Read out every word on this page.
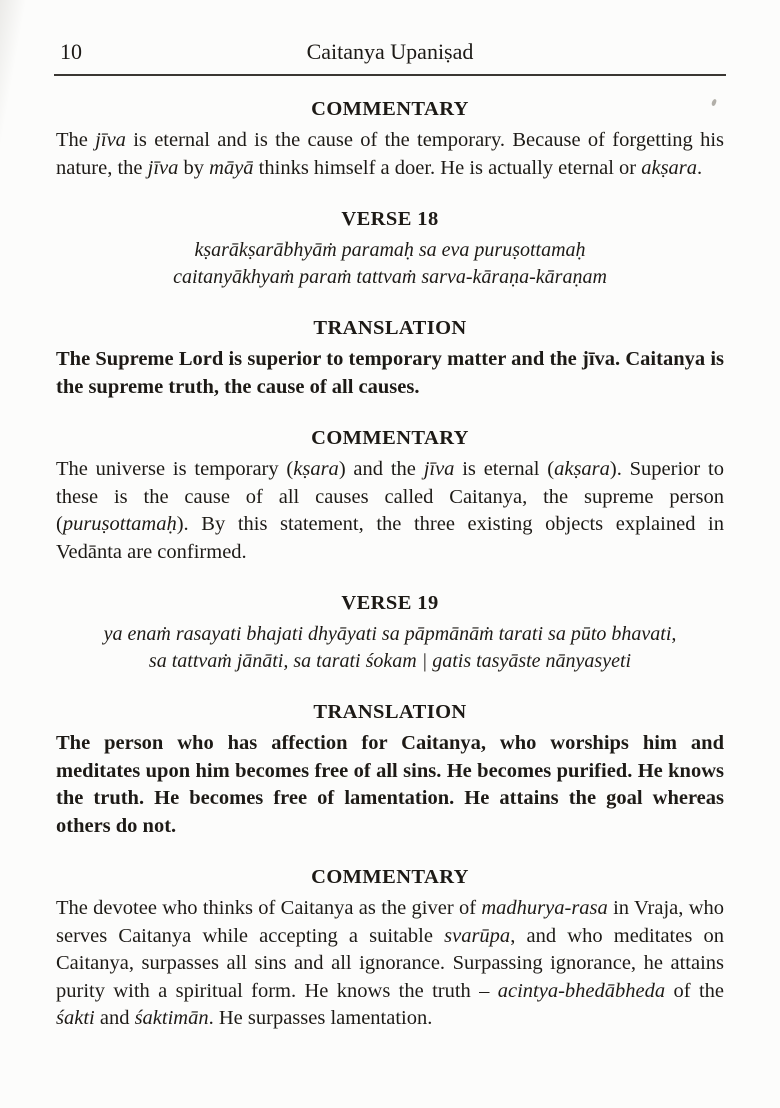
10	Caitanya Upaniṣad
COMMENTARY

The jīva is eternal and is the cause of the temporary. Because of forgetting his nature, the jīva by māyā thinks himself a doer. He is actually eternal or akṣara.

VERSE 18
kṣarākṣarābhyāṁ paramaḥ sa eva puruṣottamaḥ
caitanyākhyaṁ paraṁ tattvaṁ sarva-kāraṇa-kāraṇam
TRANSLATION

The Supreme Lord is superior to temporary matter and the jīva. Caitanya is the supreme truth, the cause of all causes.

COMMENTARY

The universe is temporary (kṣara) and the jīva is eternal (akṣara). Superior to these is the cause of all causes called Caitanya, the supreme person (puruṣottamaḥ). By this statement, the three existing objects explained in Vedānta are confirmed.

VERSE 19
ya enaṁ rasayati bhajati dhyāyati sa pāpmānāṁ tarati sa pūto bhavati,
sa tattvaṁ jānāti, sa tarati śokam | gatis tasyāste nānyasyeti
TRANSLATION

The person who has affection for Caitanya, who worships him and meditates upon him becomes free of all sins. He becomes purified. He knows the truth. He becomes free of lamentation. He attains the goal whereas others do not.

COMMENTARY

The devotee who thinks of Caitanya as the giver of madhurya-rasa in Vraja, who serves Caitanya while accepting a suitable svarūpa, and who meditates on Caitanya, surpasses all sins and all ignorance. Surpassing ignorance, he attains purity with a spiritual form. He knows the truth – acintya-bhedābheda of the śakti and śaktimān. He surpasses lamentation.
